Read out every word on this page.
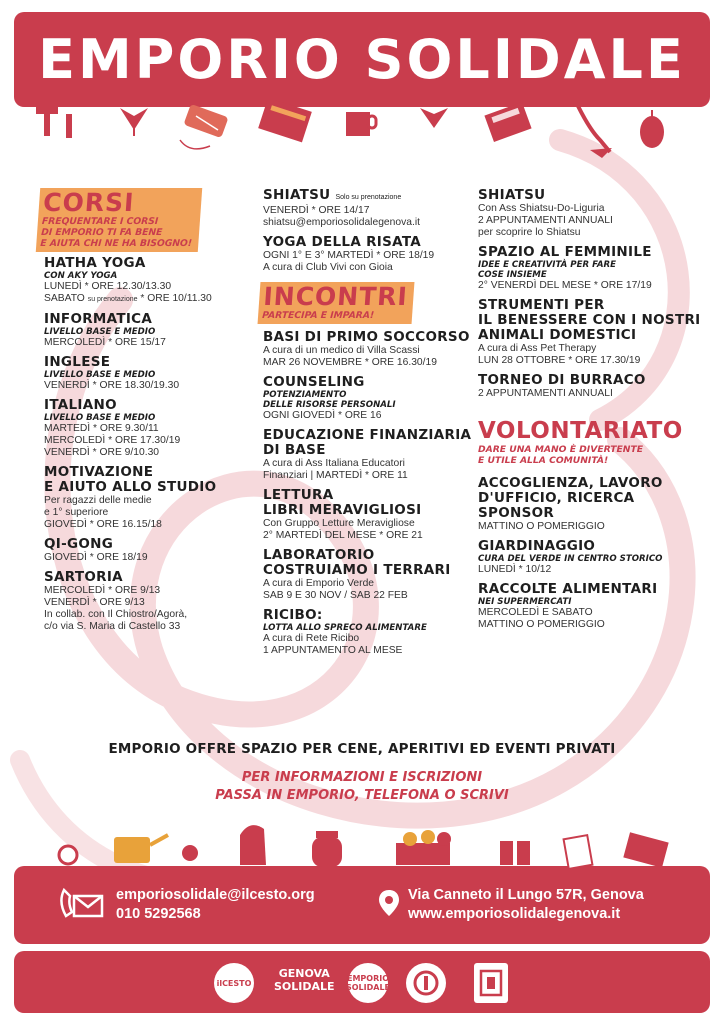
EMPORIO SOLIDALE
CORSI
FREQUENTARE I CORSI
DI EMPORIO TI FA BENE
E AIUTA CHI NE HA BISOGNO!
HATHA YOGA
CON AKY YOGA
LUNEDÌ * ORE 12.30/13.30
SABATO su prenotazione * ORE 10/11.30
INFORMATICA
LIVELLO BASE E MEDIO
MERCOLEDÌ * ORE 15/17
INGLESE
LIVELLO BASE E MEDIO
VENERDÌ * ORE 18.30/19.30
ITALIANO
LIVELLO BASE E MEDIO
MARTEDÌ * ORE 9.30/11
MERCOLEDÌ * ORE 17.30/19
VENERDÌ * ORE 9/10.30
MOTIVAZIONE
E AIUTO ALLO STUDIO
Per ragazzi delle medie
e 1° superiore
GIOVEDÌ * ORE 16.15/18
QI-GONG
GIOVEDÌ * ORE 18/19
SARTORIA
MERCOLEDÌ * ORE 9/13
VENERDÌ * ORE 9/13
In collab. con Il Chiostro/Agorà,
c/o via S. Maria di Castello 33
SHIATSU Solo su prenotazione
VENERDÌ * ORE 14/17
shiatsu@emporiosolidalegenova.it
YOGA DELLA RISATA
OGNI 1° E 3° MARTEDÌ * ORE 18/19
A cura di Club Vivi con Gioia
INCONTRI
PARTECIPA E IMPARA!
BASI DI PRIMO SOCCORSO
A cura di un medico di Villa Scassi
MAR 26 NOVEMBRE * ORE 16.30/19
COUNSELING
POTENZIAMENTO
DELLE RISORSE PERSONALI
OGNI GIOVEDÌ * ORE 16
EDUCAZIONE FINANZIARIA
DI BASE
A cura di Ass Italiana Educatori
Finanziari | MARTEDÌ * ORE 11
LETTURA
LIBRI MERAVIGLIOSI
Con Gruppo Letture Meravigliose
2° MARTEDÌ DEL MESE * ORE 21
LABORATORIO
COSTRUIAMO I TERRARI
A cura di Emporio Verde
SAB 9 E 30 NOV / SAB 22 FEB
RICIBO:
LOTTA ALLO SPRECO ALIMENTARE
A cura di Rete Ricibo
1 APPUNTAMENTO AL MESE
SHIATSU
Con Ass Shiatsu-Do-Liguria
2 APPUNTAMENTI ANNUALI
per scoprire lo Shiatsu
SPAZIO AL FEMMINILE
IDEE E CREATIVITÀ PER FARE
COSE INSIEME
2° VENERDÌ DEL MESE * ORE 17/19
STRUMENTI PER
IL BENESSERE CON I NOSTRI
ANIMALI DOMESTICI
A cura di Ass Pet Therapy
LUN 28 OTTOBRE * ORE 17.30/19
TORNEO DI BURRACO
2 APPUNTAMENTI ANNUALI
VOLONTARIATO
DARE UNA MANO È DIVERTENTE
E UTILE ALLA COMUNITÀ!
ACCOGLIENZA, LAVORO
D'UFFICIO, RICERCA SPONSOR
MATTINO O POMERIGGIO
GIARDINAGGIO
CURA DEL VERDE IN CENTRO STORICO
LUNEDÌ * 10/12
RACCOLTE ALIMENTARI
NEI SUPERMERCATI
MERCOLEDÌ E SABATO
MATTINO O POMERIGGIO
EMPORIO OFFRE SPAZIO PER CENE, APERITIVI ED EVENTI PRIVATI
PER INFORMAZIONI E ISCRIZIONI
PASSA IN EMPORIO, TELEFONA O SCRIVI
emporiosolidale@ilcesto.org
010 5292568
Via Canneto il Lungo 57R, Genova
www.emporiosolidalegenova.it
ilCESTO
GENOVA
SOLIDALE
EMPORIO
SOLIDALE
